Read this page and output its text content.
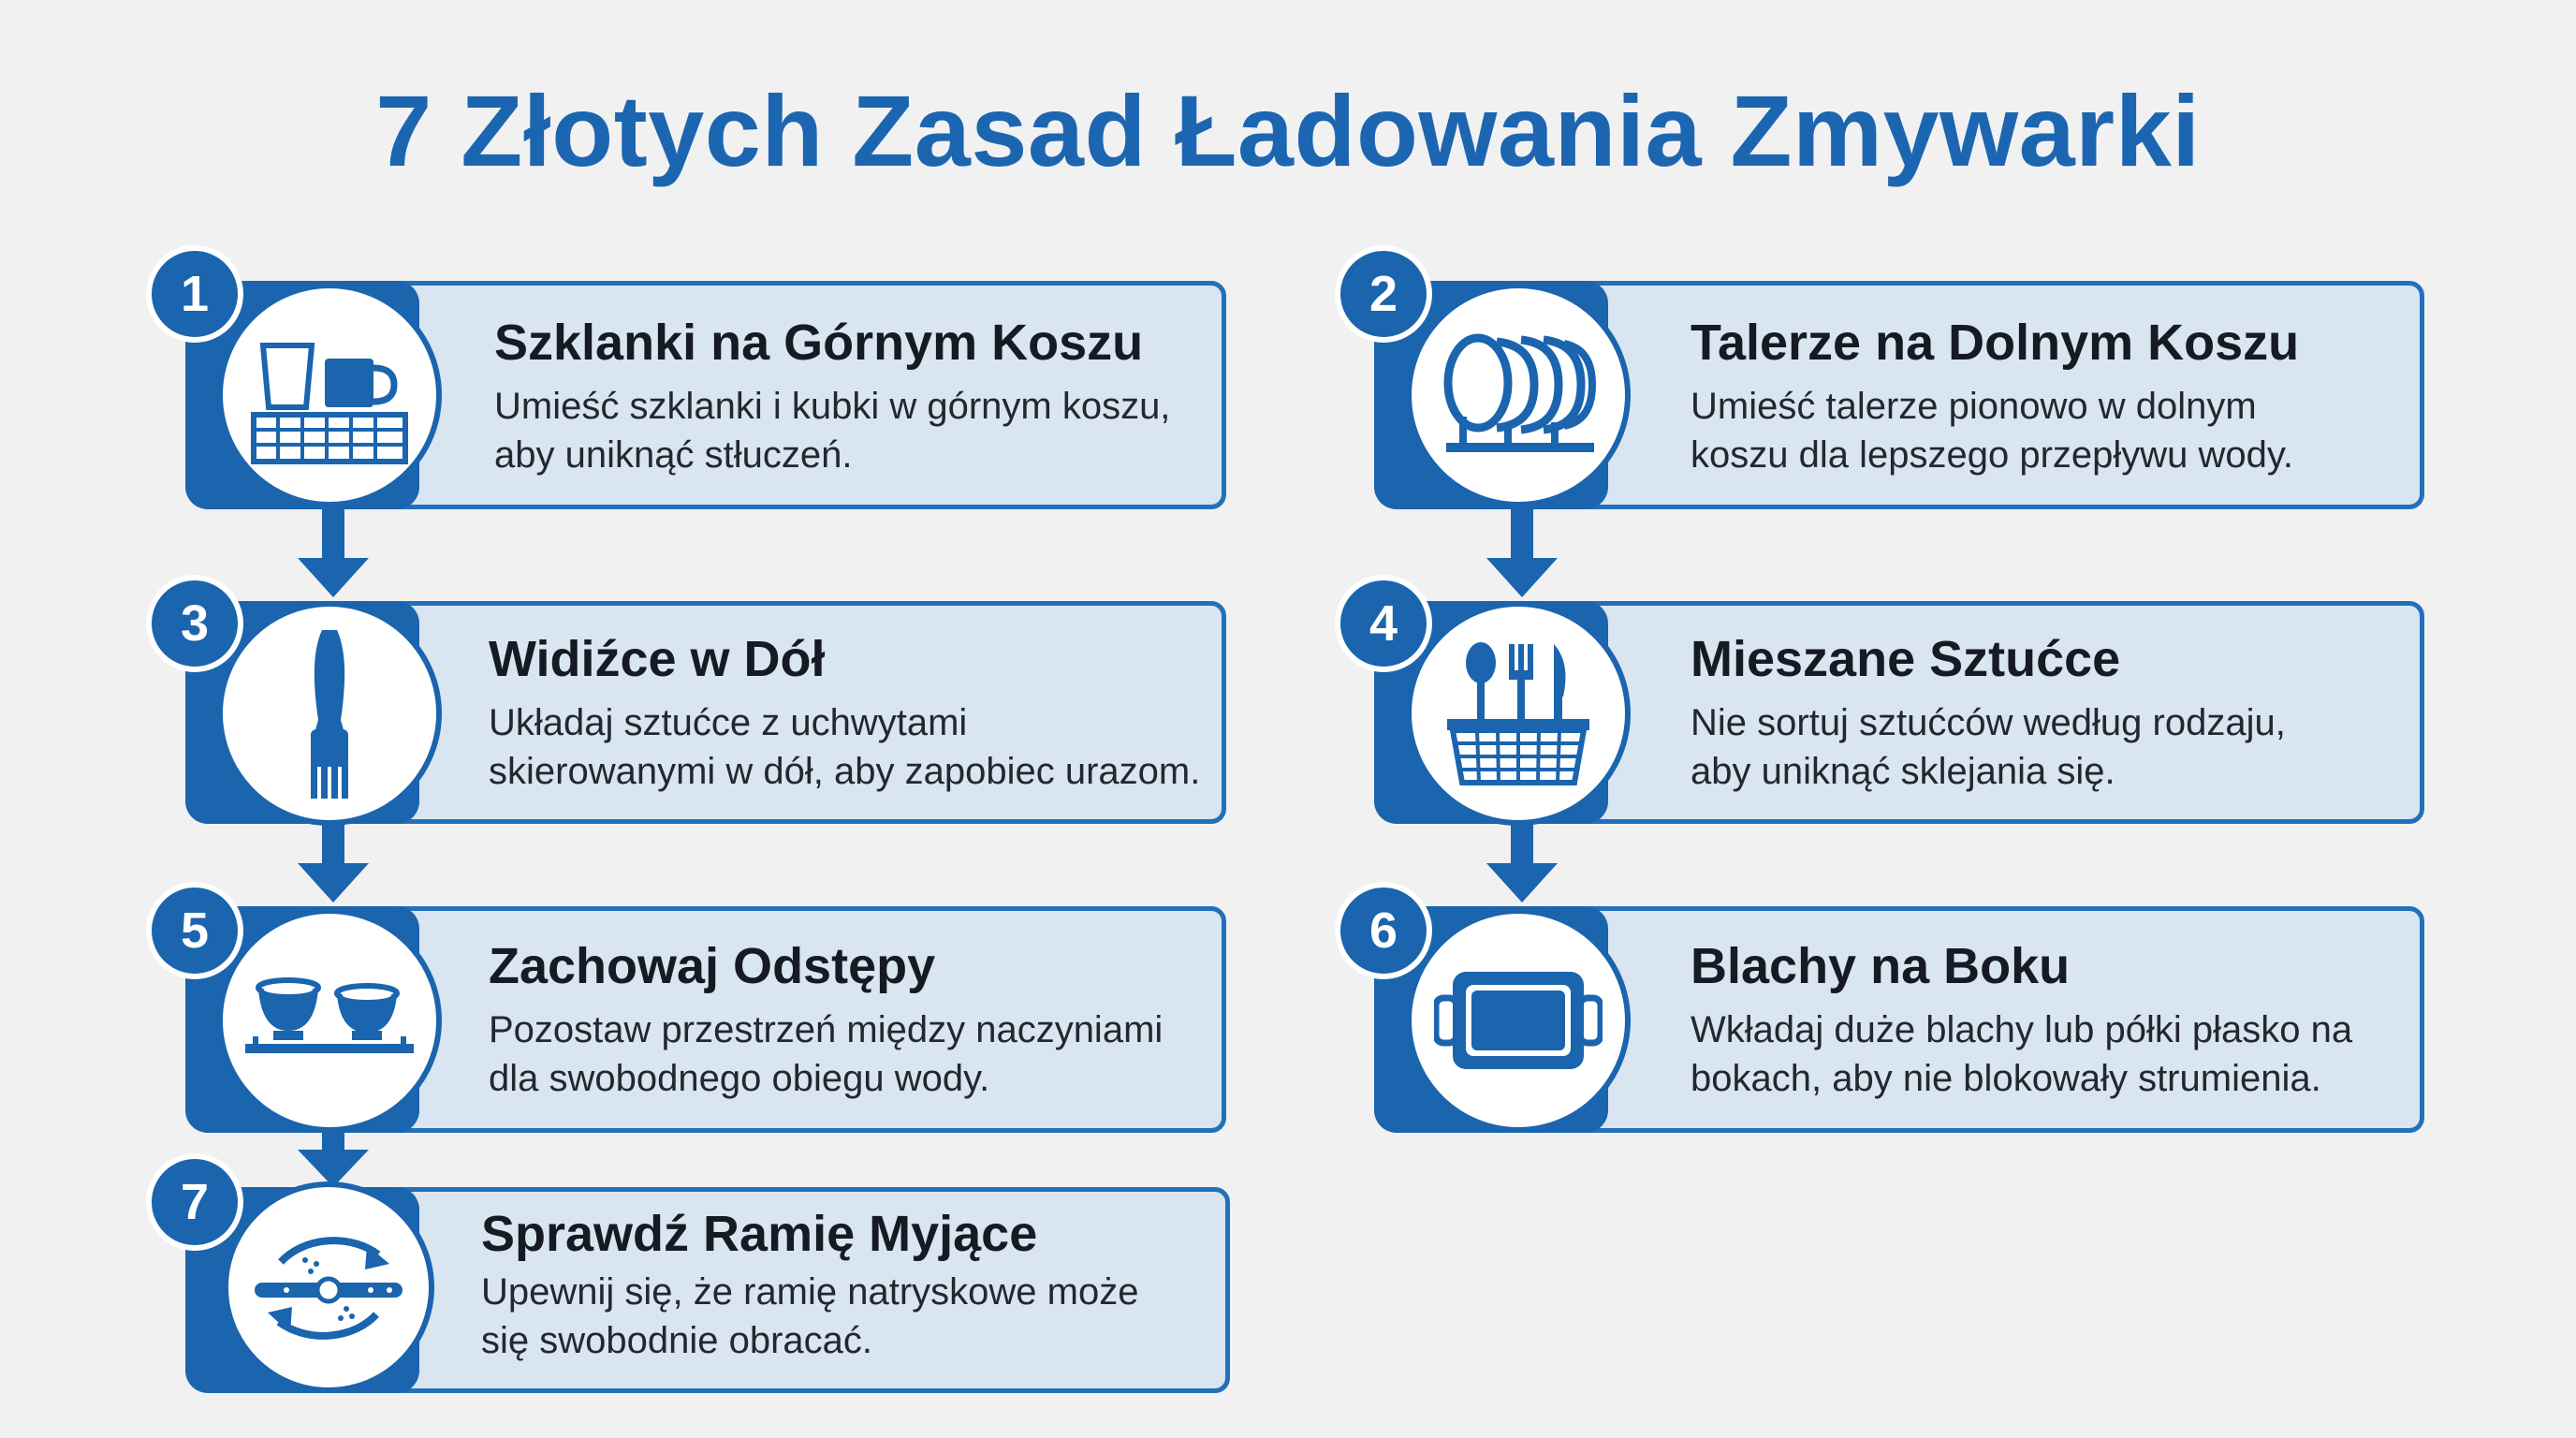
7 Złotych Zasad Ładowania Zmywarki
1
Szklanki na Górnym Koszu
Umieść szklanki i kubki w górnym koszu,
aby uniknąć stłuczeń.
2
Talerze na Dolnym Koszu
Umieść talerze pionowo w dolnym
koszu dla lepszego przepływu wody.
3
Widiźce w Dół
Układaj sztućce z uchwytami
skierowanymi w dół, aby zapobiec urazom.
4
Mieszane Sztućce
Nie sortuj sztućców według rodzaju,
aby uniknąć sklejania się.
5
Zachowaj Odstępy
Pozostaw przestrzeń między naczyniami
dla swobodnego obiegu wody.
6
Blachy na Boku
Wkładaj duże blachy lub półki płasko na
bokach, aby nie blokowały strumienia.
7
Sprawdź Ramię Myjące
Upewnij się, że ramię natryskowe może
się swobodnie obracać.
